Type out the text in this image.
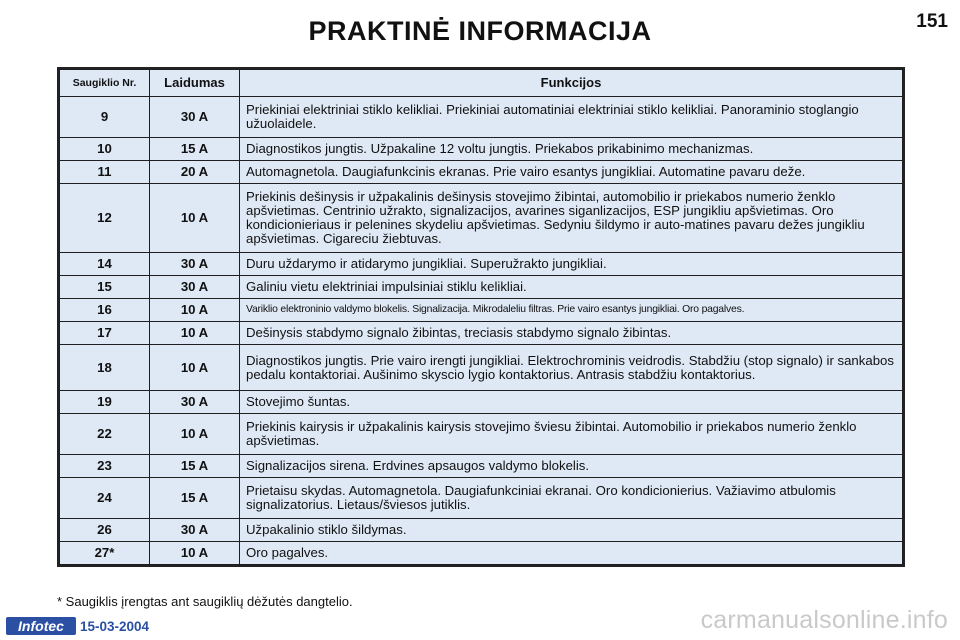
PRAKTINĖ INFORMACIJA	151
Saugiklio Nr.	Laidumas	Funkcijos
9	30 A	Priekiniai elektriniai stiklo kelikliai. Priekiniai automatiniai elektriniai stiklo kelikliai. Panoraminio stoglangio užuolaidele.
10	15 A	Diagnostikos jungtis. Užpakaline 12 voltu jungtis. Priekabos prikabinimo mechanizmas.
11	20 A	Automagnetola. Daugiafunkcinis ekranas. Prie vairo esantys jungikliai. Automatine pavaru deže.
12	10 A	Priekinis dešinysis ir užpakalinis dešinysis stovejimo žibintai, automobilio ir priekabos numerio ženklo apšvietimas. Centrinio užrakto, signalizacijos, avarines siganlizacijos, ESP jungikliu apšvietimas. Oro kondicionieriaus ir pelenines skydeliu apšvietimas. Sedyniu šildymo ir auto-matines pavaru dežes jungikliu apšvietimas. Cigareciu žiebtuvas.
14	30 A	Duru uždarymo ir atidarymo jungikliai. Superužrakto jungikliai.
15	30 A	Galiniu vietu elektriniai impulsiniai stiklu kelikliai.
16	10 A	Variklio elektroninio valdymo blokelis. Signalizacija. Mikrodaleliu filtras. Prie vairo esantys jungikliai. Oro pagalves.
17	10 A	Dešinysis stabdymo signalo žibintas, treciasis stabdymo signalo žibintas.
18	10 A	Diagnostikos jungtis. Prie vairo irengti jungikliai. Elektrochrominis veidrodis. Stabdžiu (stop signalo) ir sankabos pedalu kontaktoriai. Aušinimo skyscio lygio kontaktorius. Antrasis stabdžiu kontaktorius.
19	30 A	Stovejimo šuntas.
22	10 A	Priekinis kairysis ir užpakalinis kairysis stovejimo šviesu žibintai. Automobilio ir priekabos numerio ženklo apšvietimas.
23	15 A	Signalizacijos sirena. Erdvines apsaugos valdymo blokelis.
24	15 A	Prietaisu skydas. Automagnetola. Daugiafunkciniai ekranai. Oro kondicionierius. Važiavimo atbulomis signalizatorius. Lietaus/šviesos jutiklis.
26	30 A	Užpakalinio stiklo šildymas.
27*	10 A	Oro pagalves.
* Saugiklis įrengtas ant saugiklių dėžutės dangtelio.
Infotec	15-03-2004	carmanualsonline.info
